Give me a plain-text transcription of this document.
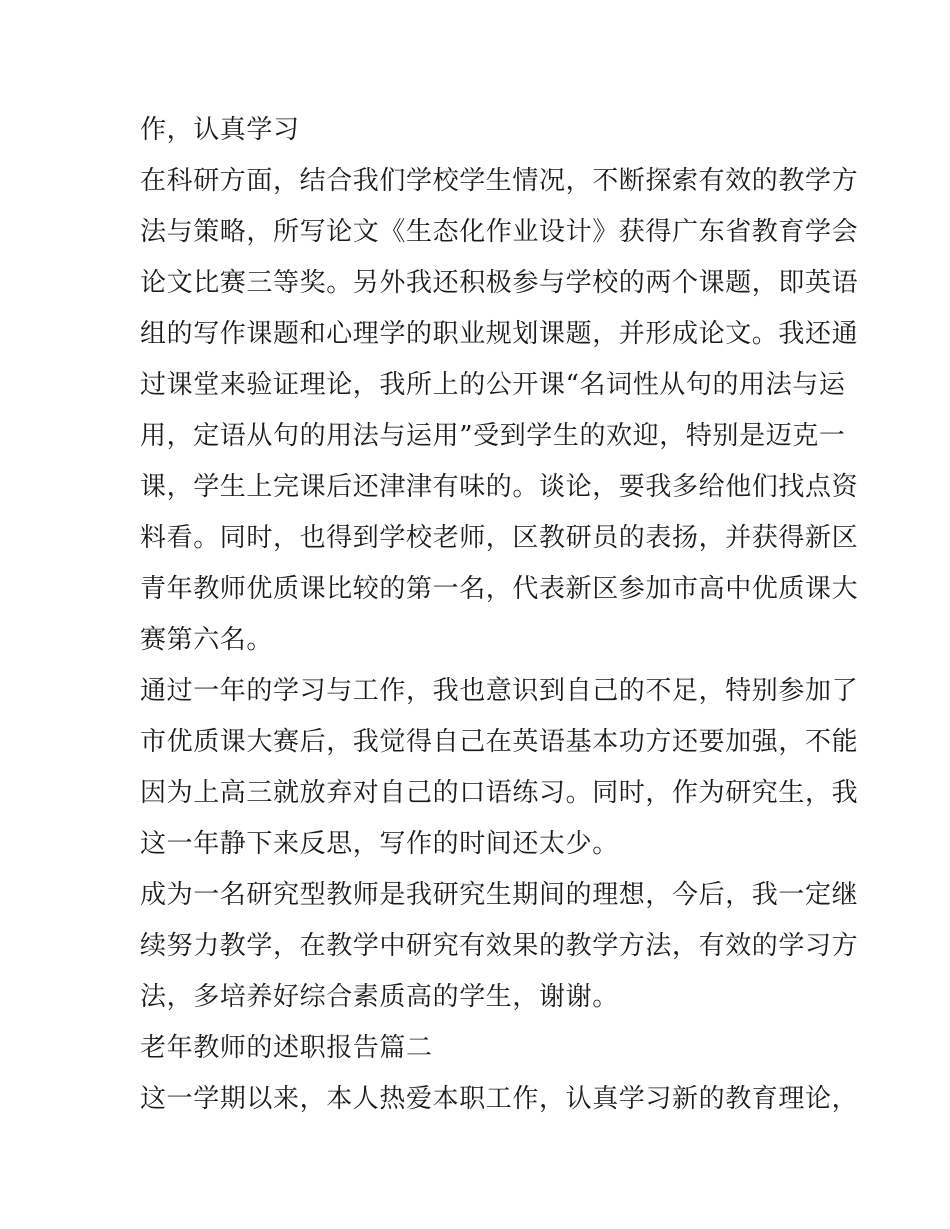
作，认真学习

在科研方面，结合我们学校学生情况，不断探索有效的教学方

法与策略，所写论文《生态化作业设计》获得广东省教育学会

论文比赛三等奖。另外我还积极参与学校的两个课题，即英语

组的写作课题和心理学的职业规划课题，并形成论文。我还通

过课堂来验证理论，我所上的公开课“名词性从句的用法与运

用，定语从句的用法与运用”受到学生的欢迎，特别是迈克一

课，学生上完课后还津津有味的。谈论，要我多给他们找点资

料看。同时，也得到学校老师，区教研员的表扬，并获得新区

青年教师优质课比较的第一名，代表新区参加市高中优质课大

赛第六名。

通过一年的学习与工作，我也意识到自己的不足，特别参加了

市优质课大赛后，我觉得自己在英语基本功方还要加强，不能

因为上高三就放弃对自己的口语练习。同时，作为研究生，我

这一年静下来反思，写作的时间还太少。

成为一名研究型教师是我研究生期间的理想，今后，我一定继

续努力教学，在教学中研究有效果的教学方法，有效的学习方

法，多培养好综合素质高的学生，谢谢。

老年教师的述职报告篇二

这一学期以来，本人热爱本职工作，认真学习新的教育理论，
